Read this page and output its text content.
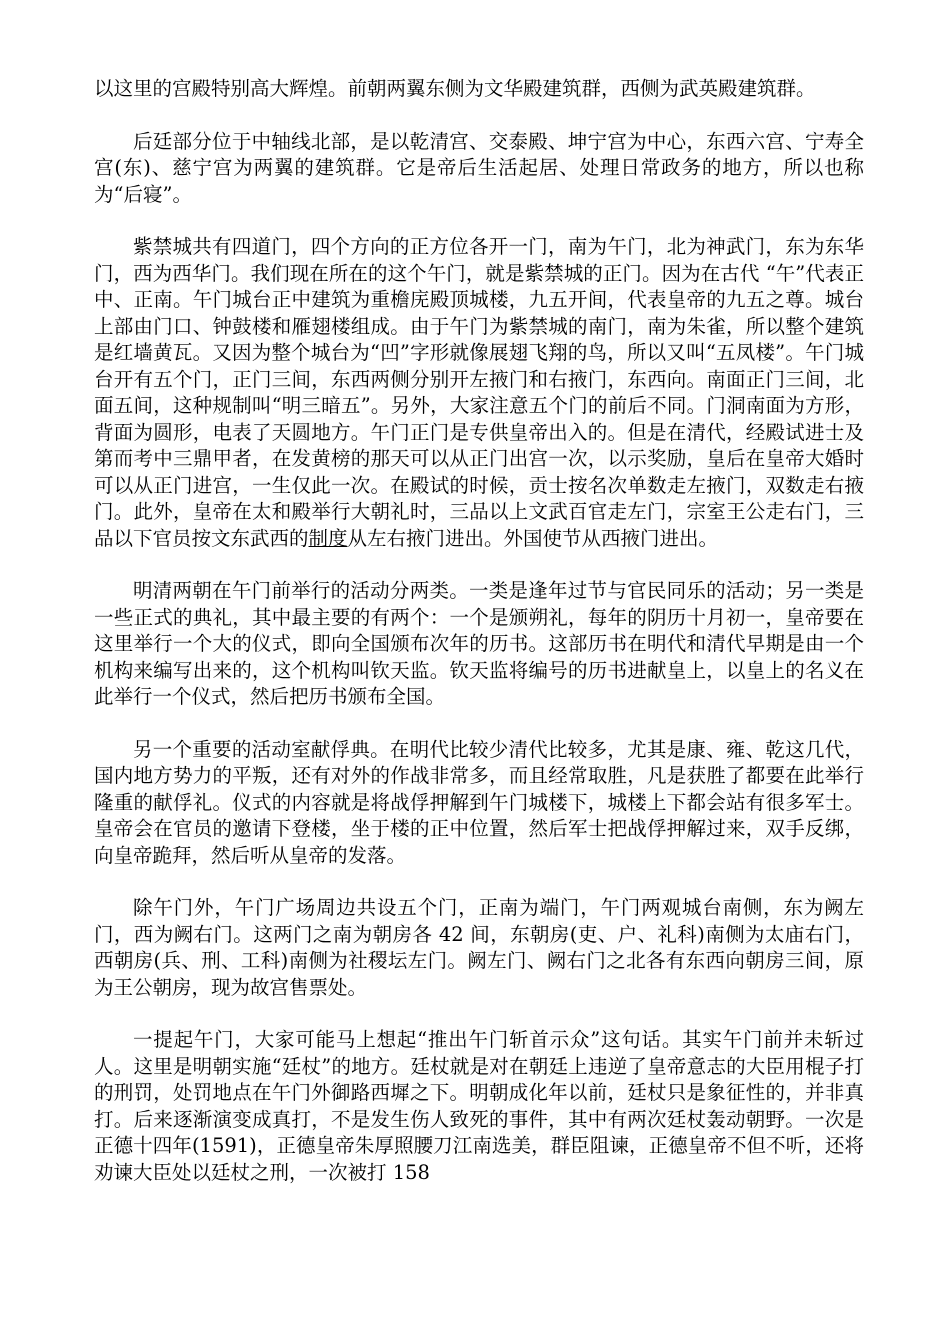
以这里的宫殿特别高大辉煌。前朝两翼东侧为文华殿建筑群，西侧为武英殿建筑群。

后廷部分位于中轴线北部，是以乾清宫、交泰殿、坤宁宫为中心，东西六宫、宁寿全宫(东)、慈宁宫为两翼的建筑群。它是帝后生活起居、处理日常政务的地方，所以也称为“后寝”。

紫禁城共有四道门，四个方向的正方位各开一门，南为午门，北为神武门，东为东华门，西为西华门。我们现在所在的这个午门，就是紫禁城的正门。因为在古代 “午”代表正中、正南。午门城台正中建筑为重檐庑殿顶城楼，九五开间，代表皇帝的九五之尊。城台上部由门口、钟鼓楼和雁翅楼组成。由于午门为紫禁城的南门，南为朱雀，所以整个建筑是红墙黄瓦。又因为整个城台为“凹”字形就像展翅飞翔的鸟，所以又叫“五凤楼”。午门城台开有五个门，正门三间，东西两侧分别开左掖门和右掖门，东西向。南面正门三间，北面五间，这种规制叫“明三暗五”。另外，大家注意五个门的前后不同。门洞南面为方形，背面为圆形，电表了天圆地方。午门正门是专供皇帝出入的。但是在清代，经殿试进士及第而考中三鼎甲者，在发黄榜的那天可以从正门出宫一次，以示奖励，皇后在皇帝大婚时可以从正门进宫，一生仅此一次。在殿试的时候，贡士按名次单数走左掖门，双数走右掖门。此外，皇帝在太和殿举行大朝礼时，三品以上文武百官走左门，宗室王公走右门，三品以下官员按文东武西的制度从左右掖门进出。外国使节从西掖门进出。

明清两朝在午门前举行的活动分两类。一类是逢年过节与官民同乐的活动；另一类是一些正式的典礼，其中最主要的有两个：一个是颁朔礼，每年的阴历十月初一，皇帝要在这里举行一个大的仪式，即向全国颁布次年的历书。这部历书在明代和清代早期是由一个机构来编写出来的，这个机构叫钦天监。钦天监将编号的历书进献皇上，以皇上的名义在此举行一个仪式，然后把历书颁布全国。

另一个重要的活动室献俘典。在明代比较少清代比较多，尤其是康、雍、乾这几代，国内地方势力的平叛，还有对外的作战非常多，而且经常取胜，凡是获胜了都要在此举行隆重的献俘礼。仪式的内容就是将战俘押解到午门城楼下，城楼上下都会站有很多军士。皇帝会在官员的邀请下登楼，坐于楼的正中位置，然后军士把战俘押解过来，双手反绑，向皇帝跪拜，然后听从皇帝的发落。

除午门外，午门广场周边共设五个门，正南为端门，午门两观城台南侧，东为阙左门，西为阙右门。这两门之南为朝房各 42 间，东朝房(吏、户、礼科)南侧为太庙右门，西朝房(兵、刑、工科)南侧为社稷坛左门。阙左门、阙右门之北各有东西向朝房三间，原为王公朝房，现为故宫售票处。

一提起午门，大家可能马上想起“推出午门斩首示众”这句话。其实午门前并未斩过人。这里是明朝实施“廷杖”的地方。廷杖就是对在朝廷上违逆了皇帝意志的大臣用棍子打的刑罚，处罚地点在午门外御路西墀之下。明朝成化年以前，廷杖只是象征性的，并非真打。后来逐渐演变成真打，不是发生伤人致死的事件，其中有两次廷杖轰动朝野。一次是正德十四年(1591)，正德皇帝朱厚照腰刀江南选美，群臣阻谏，正德皇帝不但不听，还将劝谏大臣处以廷杖之刑，一次被打 158
